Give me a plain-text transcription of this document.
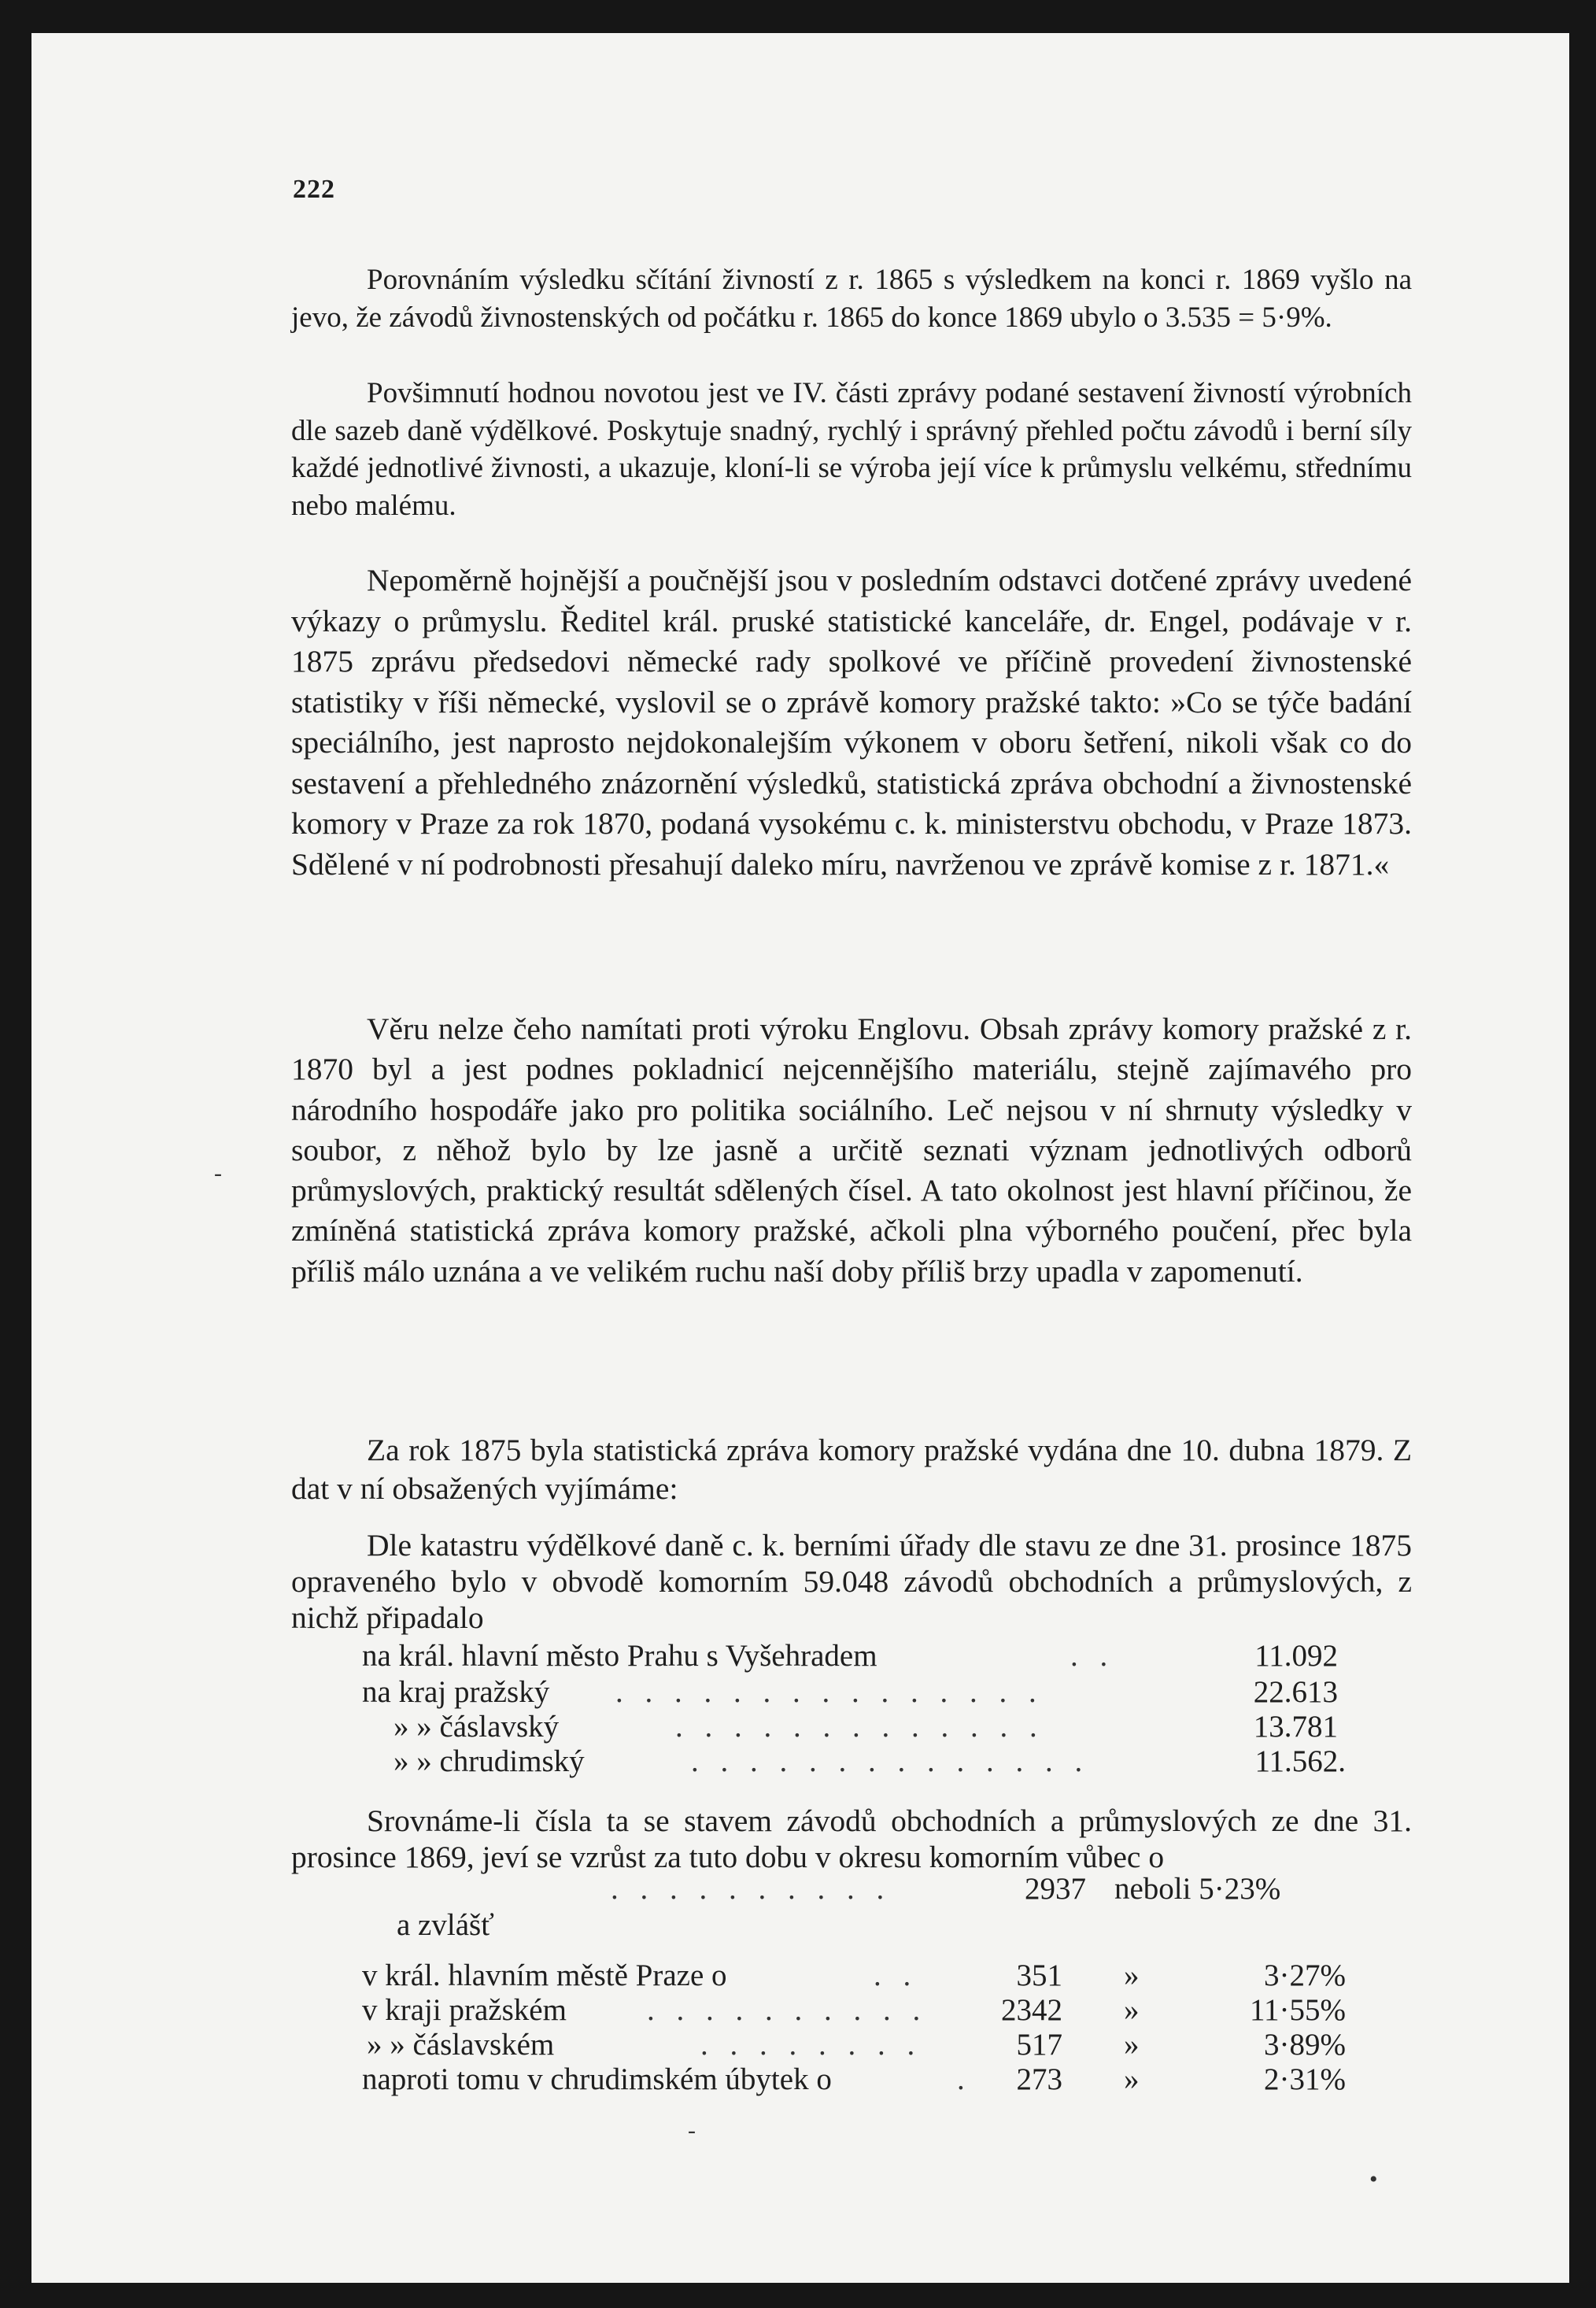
222

Porovnáním výsledku sčítání živností z r. 1865 s výsledkem na konci r. 1869 vyšlo na jevo, že závodů živnostenských od počátku r. 1865 do konce 1869 ubylo o 3.535 = 5·9%.

Povšimnutí hodnou novotou jest ve IV. části zprávy podané sestavení živností výrobních dle sazeb daně výdělkové. Poskytuje snadný, rychlý i správný přehled počtu závodů i berní síly každé jednotlivé živnosti, a ukazuje, kloní-li se výroba její více k průmyslu velkému, střednímu nebo malému.

Nepoměrně hojnější a poučnější jsou v posledním odstavci dotčené zprávy uvedené výkazy o průmyslu. Ředitel král. pruské statistické kanceláře, dr. Engel, podávaje v r. 1875 zprávu předsedovi německé rady spolkové ve příčině provedení živnostenské statistiky v říši německé, vyslovil se o zprávě komory pražské takto: »Co se týče badání speciálního, jest naprosto nejdokonalejším výkonem v oboru šetření, nikoli však co do sestavení a přehledného znázornění výsledků, statistická zpráva obchodní a živnostenské komory v Praze za rok 1870, podaná vysokému c. k. ministerstvu obchodu, v Praze 1873. Sdělené v ní podrobnosti přesahují daleko míru, navrženou ve zprávě komise z r. 1871.«

Věru nelze čeho namítati proti výroku Englovu. Obsah zprávy komory pražské z r. 1870 byl a jest podnes pokladnicí nejcennějšího materiálu, stejně zajímavého pro národního hospodáře jako pro politika sociálního. Leč nejsou v ní shrnuty výsledky v soubor, z něhož bylo by lze jasně a určitě seznati význam jednotlivých odborů průmyslových, praktický resultát sdělených čísel. A tato okolnost jest hlavní příčinou, že zmíněná statistická zpráva komory pražské, ačkoli plna výborného poučení, přec byla příliš málo uznána a ve velikém ruchu naší doby příliš brzy upadla v zapomenutí.

Za rok 1875 byla statistická zpráva komory pražské vydána dne 10. dubna 1879. Z dat v ní obsažených vyjímáme:

Dle katastru výdělkové daně c. k. berními úřady dle stavu ze dne 31. prosince 1875 opraveného bylo v obvodě komorním 59.048 závodů obchodních a průmyslových, z nichž připadalo

na král. hlavní město Prahu s Vyšehradem	. .	11.092
na kraj pražský . . . . . . . . . . . . . . .	22.613
» » čáslavský	. . . . . . . . . . . . .	13.781
» » chrudimský	. . . . . . . . . . . . . .	11.562.

Srovnáme-li čísla ta se stavem závodů obchodních a průmyslových ze dne 31. prosince 1869, jeví se vzrůst za tuto dobu v okresu komorním vůbec o

. . . . . . . . . .	2937 neboli 5·23%
a zvlášť
v král. hlavním městě Praze o	. .	351 »	3·27%
v kraji pražském	. . . . . . . . . .	2342 »	11·55%
» » čáslavském	. . . . . . . .	517 »	3·89%
naproti tomu v chrudimském úbytek o	.	273 »	2·31%
-
-
•
